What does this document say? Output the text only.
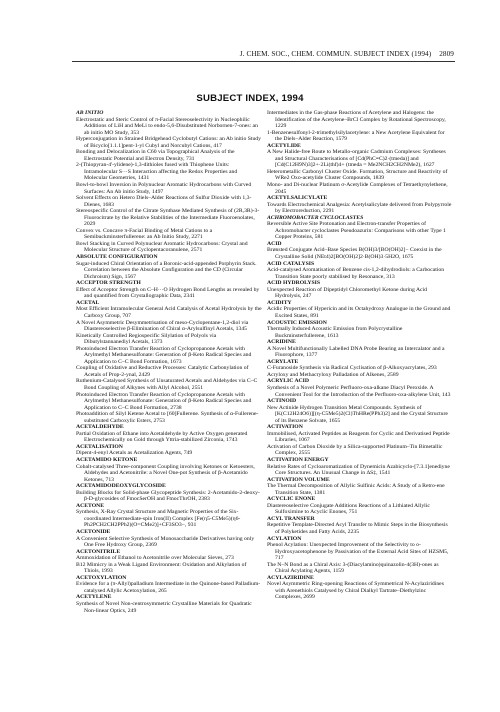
J. CHEM. SOC., CHEM. COMMUN. SUBJECT INDEX (1994) 2809
SUBJECT INDEX, 1994
AB INITIO
Electrostatic and Steric Control of π-Facial Stereoselectivity in Nucleophilic Additions of LiH and MeLi to endo-5,6-Disubstituted Norbornen-7-ones: an ab initio MO Study, 353
Hyperconjugation in Strained Bridgehead Cyclobutyl Cations: an Ab initio Study of Bicyclo[1.1.1]pent-1-yl Cubyl and Norcubyl Cations, 417
Bonding and Delocalization in C60 via Topographical Analysis of the Electrostatic Potential and Electron Density, 731
2-(Thiopyran-4'-ylidene)-1,3-dithioles fused with Thiophene Units: Intramolecular S···S Interaction affecting the Redox Properties and Molecular Geometries, 1431
Bowl-to-bowl Inversion in Polynuclear Aromatic Hydrocarbons with Curved Surfaces: An Ab initio Study, 1497
Solvent Effects on Hetero Diels–Alder Reactions of Sulfur Dioxide with 1,3-Dienes, 1683
Stereospecific Control of the Citrate Synthase Mediated Synthesis of (2R,3R)-3-Fluorocitrate by the Relative Stabilities of the Intermediate Fluoroenolates, 2029
Convex vs. Concave π-Facial Binding of Metal Cations to a Semibuckminsterfullerene: an Ab Initio Study, 2271
Bowl Stacking in Curved Polynuclear Aromatic Hydrocarbons: Crystal and Molecular Structure of Cyclopentacoranulene, 2571
ABSOLUTE CONFIGURATION
Sugar-induced Chiral Orientation of a Boronic-acid-appended Porphyrin Stack. Correlation between the Absolute Configuration and the CD (Circular Dichroism) Sign, 1567
ACCEPTOR STRENGTH
Effect of Acceptor Strength on C–H···O Hydrogen Bond Lengths as revealed by and quantified from Crystallographic Data, 2341
ACETAL
Most Efficient Intramolecular General Acid Catalysis of Acetal Hydrolysis by the Carboxy Group, 707
A Novel Asymmetric Desymmetrisation of meso-Cyclopentane-1,2-diol via Diastereoselective β-Elimination of Chiral α-Arylsulfinyl Acetals, 1345
Kinetically Controlled Regiospecific Silylation of Polyols via Dibutylstannanediyl Acetals, 1373
Photoinduced Electron Transfer Reaction of Cyclopropanone Acetals with Arylmethyl Methanesulfonate: Generation of β-Keto Radical Species and Application to C–C Bond Formation, 1673
Coupling of Oxidative and Reductive Processes: Catalytic Carbonylation of Acetals of Prop-2-ynal, 2429
Ruthenium-Catalysed Synthesis of Unsaturated Acetals and Aldehydes via C–C Bond Coupling of Alkynes with Allyl Alcohol, 2551
Photoinduced Electron Transfer Reaction of Cyclopropanone Acetals with Arylmethyl Methanesulfonate: Generation of β-Keto Radical Species and Application to C–C Bond Formation, 2738
Photoaddition of Silyl Ketene Acetal to [60]Fullerene. Synthesis of α-Fullerene-substituted Carboxylic Esters, 2753
ACETALDEHYDE
Partial Oxidation of Ethane into Acetaldehyde by Active Oxygen generated Electrochemically on Gold through Yttria-stabilized Zirconia, 1743
ACETALISATION
Dipent-4-enyl Acetals as Acetalization Agents, 749
ACETAMIDO KETONE
Cobalt-catalysed Three-component Coupling involving Ketones or Ketoesters, Aldehydes and Acetonitrile: a Novel One-pot Synthesis of β-Acetamido Ketones, 713
ACETAMIDODEOXYGLYCOSIDE
Building Blocks for Solid-phase Glycopeptide Synthesis: 2-Acetamido-2-deoxy-β-D-glycosides of FmocSerOH and FmocThrOH, 2383
ACETONE
Synthesis, X-Ray Crystal Structure and Magnetic Properties of the Six-coordinated Intermediate-spin Iron(II) Complex [Fe(η5-C5Me5)(η6-Ph2PCH2CH2PPh2)(O=CMe2)]+CF3SO3−, 931
ACETONIDE
A Convenient Selective Synthesis of Monosaccharide Derivatives having only One Free Hydroxy Group, 2369
ACETONITRILE
Ammoxidation of Ethanol to Acetonitrile over Molecular Sieves, 273
B12 Mimicry in a Weak Ligand Environment: Oxidation and Alkylation of Thiols, 1993
ACETOXYLATION
Evidence for a (π-Allyl)palladium Intermediate in the Quinone-based Palladium-catalysed Allylic Acetoxylation, 265
ACETYLENE
Synthesis of Novel Non-centrosymmetric Crystalline Materials for Quadratic Non-linear Optics, 249
Intermediates in the Gas-phase Reactions of Acetylene and Halogens: the Identification of the Acetylene–BrCl Complex by Rotational Spectroscopy, 1229
1-Benzenesulfonyl-2-trimethylsilylacetylene: a New Acetylene Equivalent for the Diels–Alder Reaction, 1579
ACETYLIDE
A New Halide-free Route to Metallo-organic Cadmium Complexes: Syntheses and Structural Characterisations of [Cd(PhC≡C)2·(tmeda)] and [Cd(C12H9N)3]2+·2Li(thf)4+ (tmeda = Me2NCH2CH2NMe2), 1627
Heterometallic Carbonyl Cluster Oxide. Formation, Structure and Reactivity of WRe2 Oxo-acetylide Cluster Compounds, 1839
Mono- and Di-nuclear Platinum σ-Acetylide Complexes of Tetraethynylethene, 2045
ACETYLSALICYLATE
Towards Electrochemical Analgesia: Acetylsalicylate delivered from Polypyrrole by Electroreduction, 2291
ACHROMOBACTER CYCLOCLASTES
Reversible Active Site Protonation and Electron-transfer Properties of Achromobacter cycloclastes Pseudoazurin: Comparisons with other Type 1 Copper Proteins, 581
ACID
Brønsted Conjugate Acid–Base Species B(OH)3/[BO(OH)2]− Coexist in the Crystalline Solid (NEt4)2[BO(OH)2]2·B(OH)3·5H2O, 1675
ACID CATALYSIS
Acid-catalysed Aromatisation of Benzene cis-1,2-dihydrodiols: a Carbocation Transition State poorly stabilised by Resonance, 313
ACID HYDROLYSIS
Unexpected Reaction of Dipeptidyl Chloromethyl Ketone during Acid Hydrolysis, 247
ACIDITY
Acidic Properties of Hypericin and its Octahydroxy Analogue in the Ground and Excited States, 891
ACOUSTIC EMISSION
Thermally Induced Acoustic Emission from Polycrystalline Buckminsterfullerene, 1613
ACRIDINE
A Novel Multifunctionally Labelled DNA Probe Bearing an Intercalator and a Fluorophore, 1377
ACRYLATE
C-Furanoside Synthesis via Radical Cyclisation of β-Alkoxyacrylates, 293
Acryloxy and Methacryloxy Palladation of Alkenes, 2589
ACRYLIC ACID
Synthesis of a Novel Polymeric Perfluoro-oxa-alkane Diacyl Peroxide. A Convenient Tool for the Introduction of the Perfluoro-oxa-alkylene Unit, 143
ACTINOID
New Actinide Hydrogen Transition Metal Compounds. Synthesis of [K(C12H24O6)][(η-C5Me5)2(Cl)ThHRe(PPh3)2] and the Crystal Structure of its Benzene Solvate, 1655
ACTIVATION
Immobilised, Activated Peptides as Reagents for Cyclic and Derivatised Peptide Libraries, 1067
Activation of Carbon Dioxide by a Silica-supported Platinum–Tin Bimetallic Complex, 2555
ACTIVATION ENERGY
Relative Rates of Cycloaromatization of Dynemicin Azabicyclo-[7.3.1]enediyne Core Structures. An Unusual Change in ΔS‡, 1541
ACTIVATION VOLUME
The Thermal Decomposition of Allylic Sulfinic Acids: A Study of a Retro-ene Transition State, 1381
ACYCLIC ENONE
Diastereoselective Conjugate Additions Reactions of a Lithiated Allylic Sulfoximine to Acyclic Enones, 751
ACYL TRANSFER
Repetitive Template-Directed Acyl Transfer to Mimic Steps in the Biosynthesis of Polyketides and Fatty Acids, 2235
ACYLATION
Phenol Acylation: Unexpected Improvement of the Selectivity to o-Hydroxyacetophenone by Passivation of the External Acid Sites of HZSM5, 717
The N–N Bond as a Chiral Axis: 3-(Diacylamino)quinazolin-4(3H)-ones as Chiral Acylating Agents, 1159
ACYLAZIRIDINE
Novel Asymmetric Ring-opening Reactions of Symmetrical N-Acylaziridines with Arenethiols Catalysed by Chiral Dialkyl Tartrate–Diethylzinc Complexes, 2699
